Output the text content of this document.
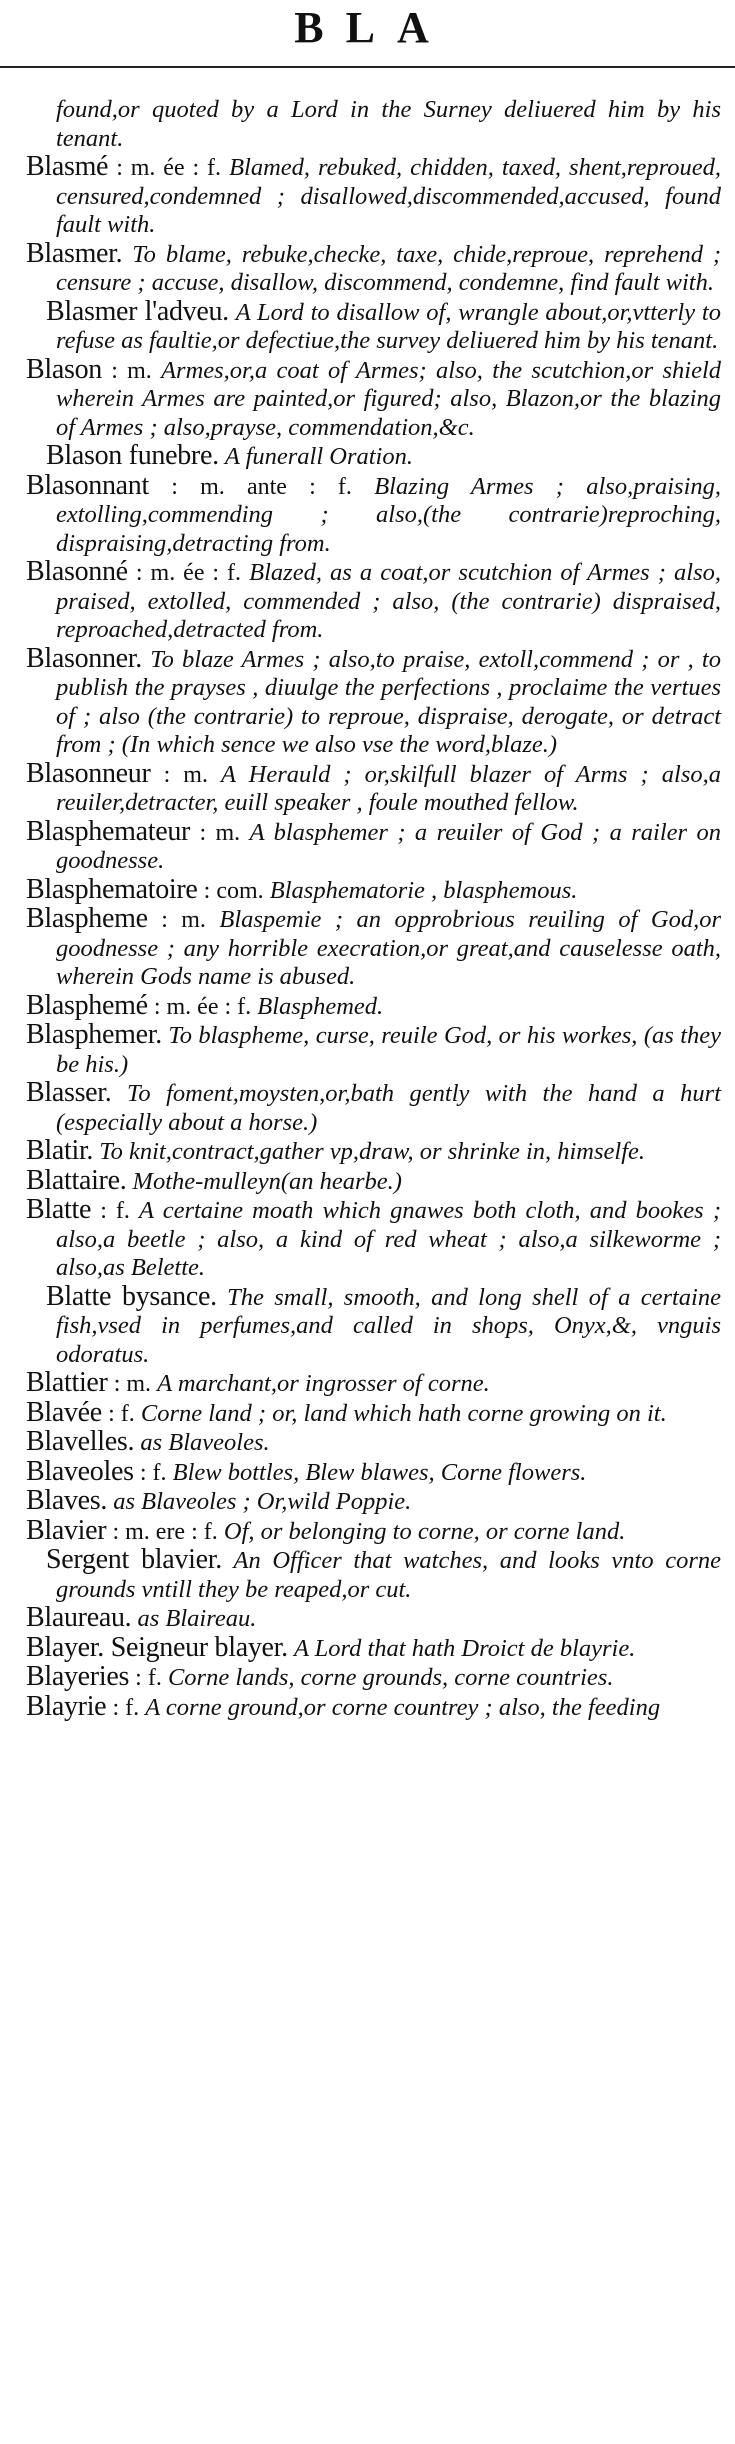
BLA

found,or quoted by a Lord in the Surney deliuered him by his tenant.

Blasmé : m. ée : f. Blamed, rebuked, chidden, taxed, shent,reproued, censured,condemned ; disallowed,discommended,accused, found fault with.

Blasmer. To blame, rebuke,checke, taxe, chide,reproue, reprehend ; censure ; accuse, disallow, discommend, condemne, find fault with.

Blasmer l'adveu. A Lord to disallow of, wrangle about,or,vtterly to refuse as faultie,or defectiue,the survey deliuered him by his tenant.

Blason : m. Armes,or,a coat of Armes; also, the scutchion,or shield wherein Armes are painted,or figured; also, Blazon,or the blazing of Armes ; also,prayse, commendation,&c.

Blason funebre. A funerall Oration.

Blasonnant : m. ante : f. Blazing Armes ; also,praising, extolling,commending ; also,(the contrarie)reproching, dispraising,detracting from.

Blasonné : m. ée : f. Blazed, as a coat,or scutchion of Armes ; also, praised, extolled, commended ; also, (the contrarie) dispraised, reproached,detracted from.

Blasonner. To blaze Armes ; also,to praise, extoll,commend ; or , to publish the prayses , diuulge the perfections , proclaime the vertues of ; also (the contrarie) to reproue, dispraise, derogate, or detract from ; (In which sence we also vse the word,blaze.)

Blasonneur : m. A Herauld ; or,skilfull blazer of Arms ; also,a reuiler,detracter, euill speaker , foule mouthed fellow.

Blasphemateur : m. A blasphemer ; a reuiler of God ; a railer on goodnesse.

Blasphematoire : com. Blasphematorie , blasphemous.

Blaspheme : m. Blaspemie ; an opprobrious reuiling of God,or goodnesse ; any horrible execration,or great,and causelesse oath, wherein Gods name is abused.

Blasphemé : m. ée : f. Blasphemed.

Blasphemer. To blaspheme, curse, reuile God, or his workes, (as they be his.)

Blasser. To foment,moysten,or,bath gently with the hand a hurt (especially about a horse.)

Blatir. To knit,contract,gather vp,draw, or shrinke in, himselfe.

Blattaire. Mothe-mulleyn(an hearbe.)

Blatte : f. A certaine moath which gnawes both cloth, and bookes ; also,a beetle ; also, a kind of red wheat ; also,a silkeworme ; also,as Belette.

Blatte bysance. The small, smooth, and long shell of a certaine fish,vsed in perfumes,and called in shops, Onyx,&, vnguis odoratus.

Blattier : m. A marchant,or ingrosser of corne.

Blavée : f. Corne land ; or, land which hath corne growing on it.

Blavelles. as Blaveoles.

Blaveoles : f. Blew bottles, Blew blawes, Corne flowers.

Blaves. as Blaveoles ; Or,wild Poppie.

Blavier : m. ere : f. Of, or belonging to corne, or corne land.

Sergent blavier. An Officer that watches, and looks vnto corne grounds vntill they be reaped,or cut.

Blaureau. as Blaireau.

Blayer. Seigneur blayer. A Lord that hath Droict de blayrie.

Blayeries : f. Corne lands, corne grounds, corne countries.

Blayrie : f. A corne ground,or corne countrey ; also, the feeding
